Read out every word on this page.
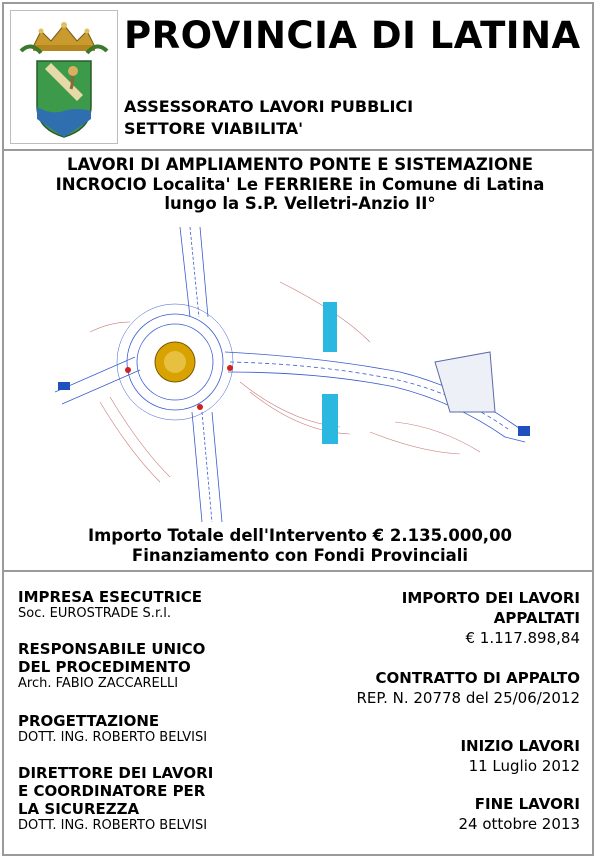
PROVINCIA DI LATINA
ASSESSORATO LAVORI PUBBLICI
SETTORE VIABILITA'
LAVORI DI AMPLIAMENTO PONTE E SISTEMAZIONE
INCROCIO Localita' Le FERRIERE in Comune di Latina
lungo la S.P. Velletri-Anzio II°
Importo Totale dell'Intervento € 2.135.000,00
Finanziamento con Fondi Provinciali
IMPRESA ESECUTRICE
Soc. EUROSTRADE S.r.l.
RESPONSABILE UNICO
DEL PROCEDIMENTO
Arch. FABIO ZACCARELLI
PROGETTAZIONE
DOTT. ING. ROBERTO BELVISI
DIRETTORE DEI LAVORI
E COORDINATORE PER
LA SICUREZZA
DOTT. ING. ROBERTO BELVISI
IMPORTO DEI LAVORI
APPALTATI
€ 1.117.898,84
CONTRATTO DI APPALTO
REP. N. 20778 del 25/06/2012
INIZIO LAVORI
11 Luglio 2012
FINE LAVORI
24 ottobre 2013
